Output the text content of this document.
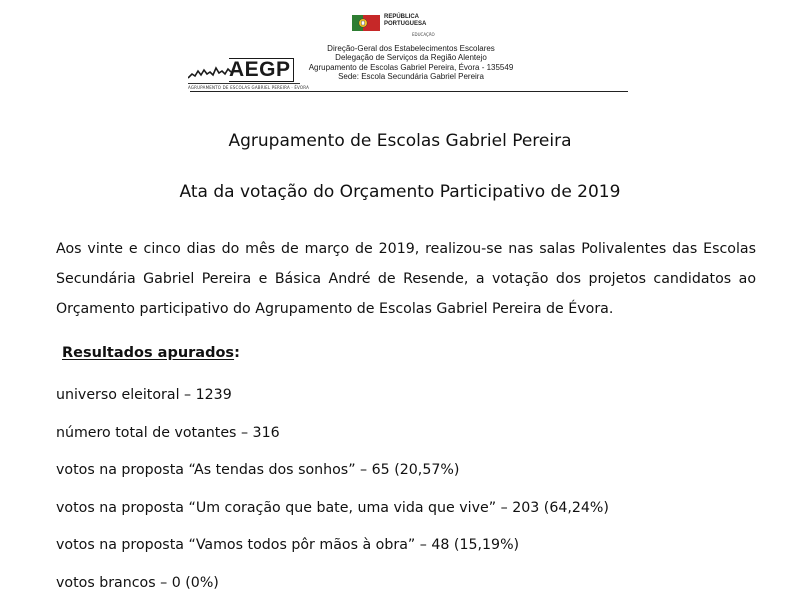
AEGP
AGRUPAMENTO DE ESCOLAS GABRIEL PEREIRA · ÉVORA
REPÚBLICA
PORTUGUESA
EDUCAÇÃO
Direção-Geral dos Estabelecimentos Escolares
Delegação de Serviços da Região Alentejo
Agrupamento de Escolas Gabriel Pereira, Évora - 135549
Sede: Escola Secundária Gabriel Pereira
Agrupamento de Escolas Gabriel Pereira
Ata da votação do Orçamento Participativo de 2019

Aos vinte e cinco dias do mês de março de 2019, realizou-se nas salas Polivalentes das Escolas Secundária Gabriel Pereira e Básica André de Resende, a votação dos projetos candidatos ao Orçamento participativo do Agrupamento de Escolas Gabriel Pereira de Évora.

Resultados apurados:
universo eleitoral – 1239
número total de votantes – 316
votos na proposta “As tendas dos sonhos” – 65 (20,57%)
votos na proposta “Um coração que bate, uma vida que vive” – 203 (64,24%)
votos na proposta “Vamos todos pôr mãos à obra” – 48 (15,19%)
votos brancos – 0 (0%)
